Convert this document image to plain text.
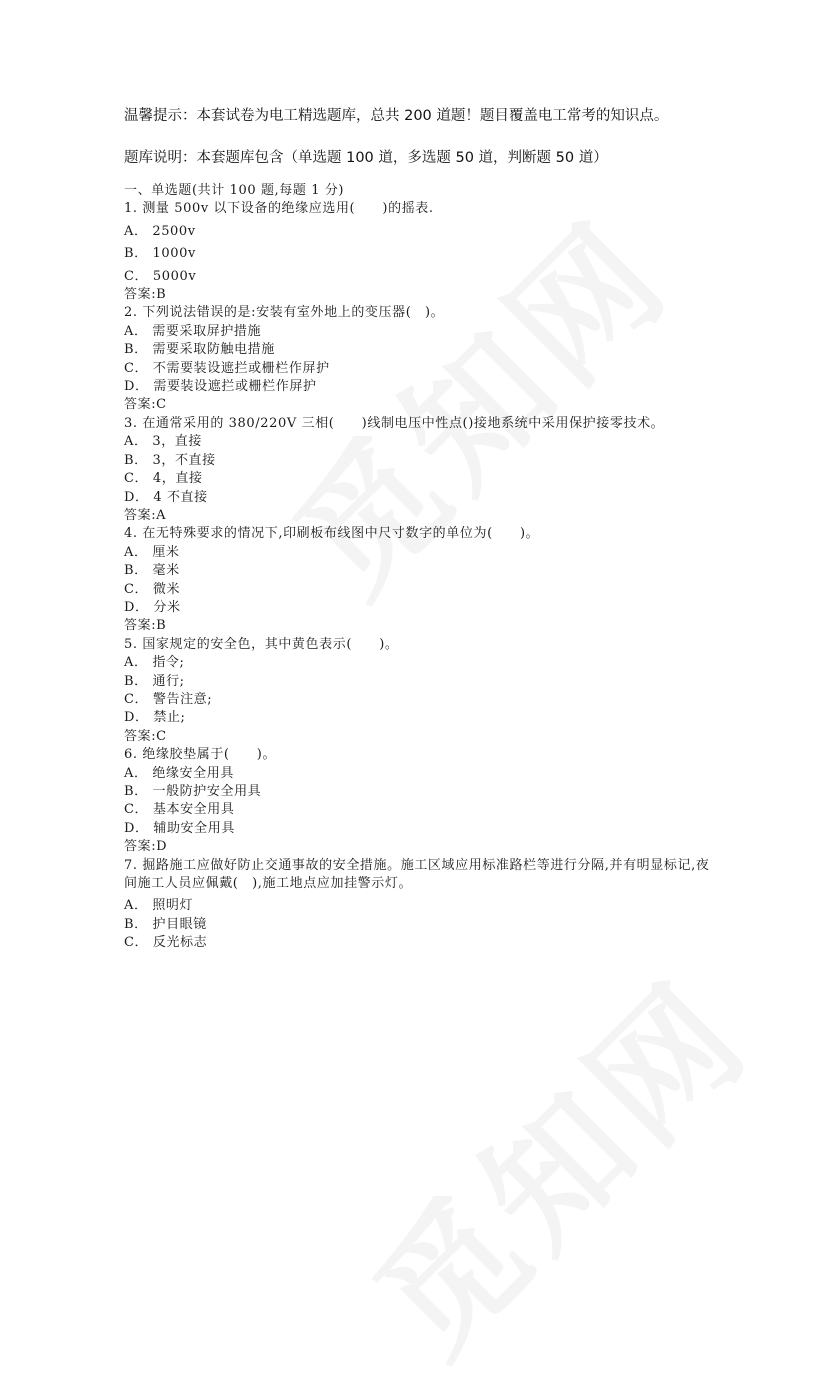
温馨提示：本套试卷为电工精选题库，总共 200 道题！题目覆盖电工常考的知识点。
题库说明：本套题库包含（单选题 100 道，多选题 50 道，判断题 50 道）
一、单选题(共计 100 题,每题 1 分)
1. 测量 500v 以下设备的绝缘应选用(　　)的摇表.
A． 2500v
B． 1000v
C． 5000v
答案:B
2. 下列说法错误的是:安装有室外地上的变压器(　)。
A． 需要采取屏护措施
B． 需要采取防触电措施
C． 不需要装设遮拦或栅栏作屏护
D． 需要装设遮拦或栅栏作屏护
答案:C
3. 在通常采用的 380/220V 三相(　　)线制电压中性点()接地系统中采用保护接零技术。
A． 3，直接
B． 3，不直接
C． 4，直接
D． 4 不直接
答案:A
4. 在无特殊要求的情况下,印刷板布线图中尺寸数字的单位为(　　)。
A． 厘米
B． 毫米
C． 微米
D． 分米
答案:B
5. 国家规定的安全色，其中黄色表示(　　)。
A． 指令;
B． 通行;
C． 警告注意;
D． 禁止;
答案:C
6. 绝缘胶垫属于(　　)。
A． 绝缘安全用具
B． 一般防护安全用具
C． 基本安全用具
D． 辅助安全用具
答案:D
7. 掘路施工应做好防止交通事故的安全措施。施工区域应用标准路栏等进行分隔,并有明显标记,夜间施工人员应佩戴(　),施工地点应加挂警示灯。
A． 照明灯
B． 护目眼镜
C． 反光标志
